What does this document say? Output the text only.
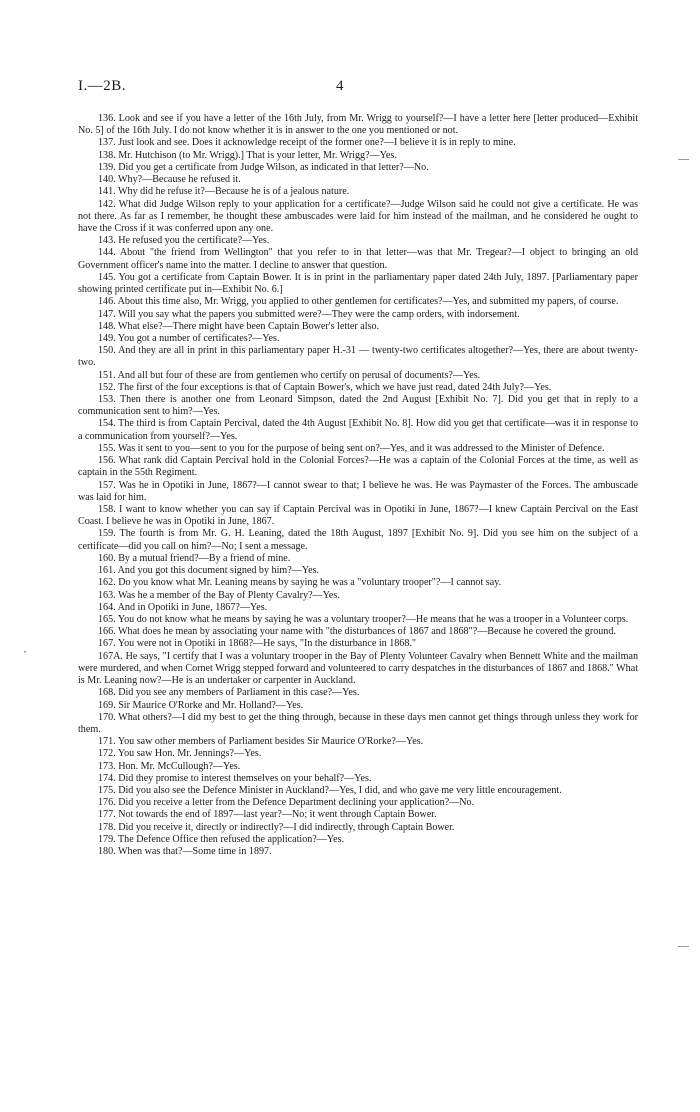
I.—2B.	4
—
•
—

136. Look and see if you have a letter of the 16th July, from Mr. Wrigg to yourself?—I have a letter here [letter produced—Exhibit No. 5] of the 16th July. I do not know whether it is in answer to the one you mentioned or not.

137. Just look and see. Does it acknowledge receipt of the former one?—I believe it is in reply to mine.

138. Mr. Hutchison (to Mr. Wrigg).] That is your letter, Mr. Wrigg?—Yes.

139. Did you get a certificate from Judge Wilson, as indicated in that letter?—No.

140. Why?—Because he refused it.

141. Why did he refuse it?—Because he is of a jealous nature.

142. What did Judge Wilson reply to your application for a certificate?—Judge Wilson said he could not give a certificate. He was not there. As far as I remember, he thought these ambuscades were laid for him instead of the mailman, and he considered he ought to have the Cross if it was conferred upon any one.

143. He refused you the certificate?—Yes.

144. About "the friend from Wellington" that you refer to in that letter—was that Mr. Tregear?—I object to bringing an old Government officer's name into the matter. I decline to answer that question.

145. You got a certificate from Captain Bower. It is in print in the parliamentary paper dated 24th July, 1897. [Parliamentary paper showing printed certificate put in—Exhibit No. 6.]

146. About this time also, Mr. Wrigg, you applied to other gentlemen for certificates?—Yes, and submitted my papers, of course.

147. Will you say what the papers you submitted were?—They were the camp orders, with indorsement.

148. What else?—There might have been Captain Bower's letter also.

149. You got a number of certificates?—Yes.

150. And they are all in print in this parliamentary paper H.-31 — twenty-two certificates altogether?—Yes, there are about twenty-two.

151. And all but four of these are from gentlemen who certify on perusal of documents?—Yes.

152. The first of the four exceptions is that of Captain Bower's, which we have just read, dated 24th July?—Yes.

153. Then there is another one from Leonard Simpson, dated the 2nd August [Exhibit No. 7]. Did you get that in reply to a communication sent to him?—Yes.

154. The third is from Captain Percival, dated the 4th August [Exhibit No. 8]. How did you get that certificate—was it in response to a communication from yourself?—Yes.

155. Was it sent to you—sent to you for the purpose of being sent on?—Yes, and it was addressed to the Minister of Defence.

156. What rank did Captain Percival hold in the Colonial Forces?—He was a captain of the Colonial Forces at the time, as well as captain in the 55th Regiment.

157. Was he in Opotiki in June, 1867?—I cannot swear to that; I believe he was. He was Paymaster of the Forces. The ambuscade was laid for him.

158. I want to know whether you can say if Captain Percival was in Opotiki in June, 1867?—I knew Captain Percival on the East Coast. I believe he was in Opotiki in June, 1867.

159. The fourth is from Mr. G. H. Leaning, dated the 18th August, 1897 [Exhibit No. 9]. Did you see him on the subject of a certificate—did you call on him?—No; I sent a message.

160. By a mutual friend?—By a friend of mine.

161. And you got this document signed by him?—Yes.

162. Do you know what Mr. Leaning means by saying he was a "voluntary trooper"?—I cannot say.

163. Was he a member of the Bay of Plenty Cavalry?—Yes.

164. And in Opotiki in June, 1867?—Yes.

165. You do not know what he means by saying he was a voluntary trooper?—He means that he was a trooper in a Volunteer corps.

166. What does he mean by associating your name with "the disturbances of 1867 and 1868"?—Because he covered the ground.

167. You were not in Opotiki in 1868?—He says, "In the disturbance in 1868."

167A. He says, "I certify that I was a voluntary trooper in the Bay of Plenty Volunteer Cavalry when Bennett White and the mailman were murdered, and when Cornet Wrigg stepped forward and volunteered to carry despatches in the disturbances of 1867 and 1868." What is Mr. Leaning now?—He is an undertaker or carpenter in Auckland.

168. Did you see any members of Parliament in this case?—Yes.

169. Sir Maurice O'Rorke and Mr. Holland?—Yes.

170. What others?—I did my best to get the thing through, because in these days men cannot get things through unless they work for them.

171. You saw other members of Parliament besides Sir Maurice O'Rorke?—Yes.

172. You saw Hon. Mr. Jennings?—Yes.

173. Hon. Mr. McCullough?—Yes.

174. Did they promise to interest themselves on your behalf?—Yes.

175. Did you also see the Defence Minister in Auckland?—Yes, I did, and who gave me very little encouragement.

176. Did you receive a letter from the Defence Department declining your application?—No.

177. Not towards the end of 1897—last year?—No; it went through Captain Bower.

178. Did you receive it, directly or indirectly?—I did indirectly, through Captain Bower.

179. The Defence Office then refused the application?—Yes.

180. When was that?—Some time in 1897.
